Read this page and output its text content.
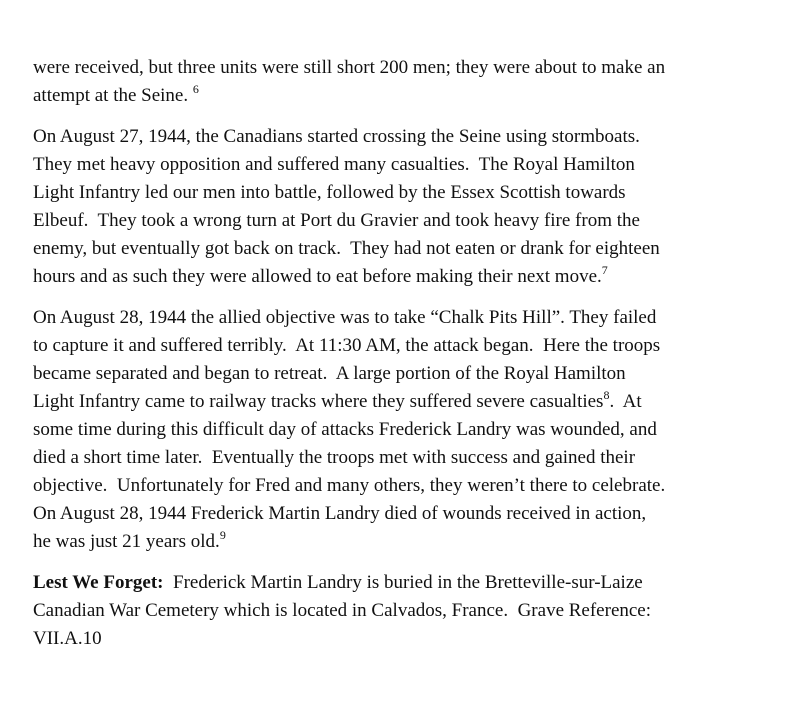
were received, but three units were still short 200 men; they were about to make an
attempt at the Seine. $^6$

On August 27, 1944, the Canadians started crossing the Seine using stormboats.
They met heavy opposition and suffered many casualties.  The Royal Hamilton
Light Infantry led our men into battle, followed by the Essex Scottish towards
Elbeuf.  They took a wrong turn at Port du Gravier and took heavy fire from the
enemy, but eventually got back on track.  They had not eaten or drank for eighteen
hours and as such they were allowed to eat before making their next move.$^7$

On August 28, 1944 the allied objective was to take “Chalk Pits Hill”. They failed
to capture it and suffered terribly.  At 11:30 AM, the attack began.  Here the troops
became separated and began to retreat.  A large portion of the Royal Hamilton
Light Infantry came to railway tracks where they suffered severe casualties$^8$.  At
some time during this difficult day of attacks Frederick Landry was wounded, and
died a short time later.  Eventually the troops met with success and gained their
objective.  Unfortunately for Fred and many others, they weren’t there to celebrate.
On August 28, 1944 Frederick Martin Landry died of wounds received in action,
he was just 21 years old.$^9$

Lest We Forget:  Frederick Martin Landry is buried in the Bretteville-sur-Laize
Canadian War Cemetery which is located in Calvados, France.  Grave Reference:
VII.A.10
